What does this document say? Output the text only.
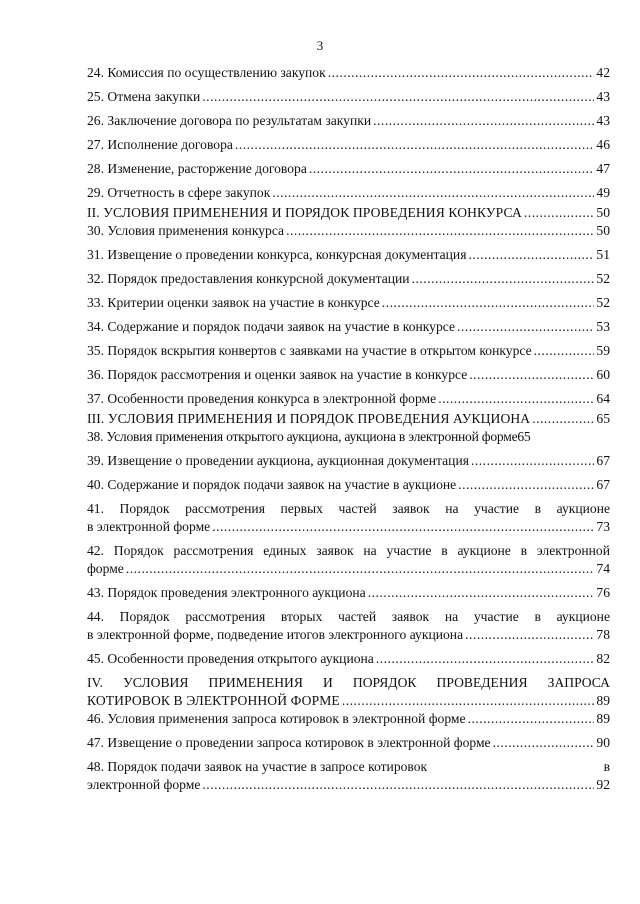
3
24. Комиссия по осуществлению закупок .....	42
25. Отмена закупки .....	43
26. Заключение договора по результатам закупки .....	43
27. Исполнение договора .....	46
28. Изменение, расторжение договора .....	47
29. Отчетность в сфере закупок .....	49
II. УСЛОВИЯ ПРИМЕНЕНИЯ И ПОРЯДОК ПРОВЕДЕНИЯ КОНКУРСА .....	50
30. Условия применения конкурса .....	50
31. Извещение о проведении конкурса, конкурсная документация .....	51
32. Порядок предоставления конкурсной документации .....	52
33. Критерии оценки заявок на участие в конкурсе .....	52
34. Содержание и порядок подачи заявок на участие в конкурсе .....	53
35. Порядок вскрытия конвертов с заявками на участие в открытом конкурсе .....	59
36. Порядок рассмотрения и оценки заявок на участие в конкурсе .....	60
37. Особенности проведения конкурса в электронной форме .....	64
III. УСЛОВИЯ ПРИМЕНЕНИЯ И ПОРЯДОК ПРОВЕДЕНИЯ АУКЦИОНА .....	65
38. Условия применения открытого аукциона, аукциона в электронной форме 65
39. Извещение о проведении аукциона, аукционная документация .....	67
40. Содержание и порядок подачи заявок на участие в аукционе .....	67
41. Порядок рассмотрения первых частей заявок на участие в аукционе
в электронной форме .....	73
42. Порядок рассмотрения единых заявок на участие в аукционе в электронной
форме .....	74
43. Порядок проведения электронного аукциона .....	76
44. Порядок рассмотрения вторых частей заявок на участие в аукционе
в электронной форме, подведение итогов электронного аукциона .....	78
45. Особенности проведения открытого аукциона .....	82
IV. УСЛОВИЯ ПРИМЕНЕНИЯ И ПОРЯДОК ПРОВЕДЕНИЯ ЗАПРОСА
КОТИРОВОК В ЭЛЕКТРОННОЙ ФОРМЕ .....	89
46. Условия применения запроса котировок в электронной форме .....	89
47. Извещение о проведении запроса котировок в электронной форме .....	90
48. Порядок подачи заявок на участие в запросе котировок	в
электронной форме .....	92
